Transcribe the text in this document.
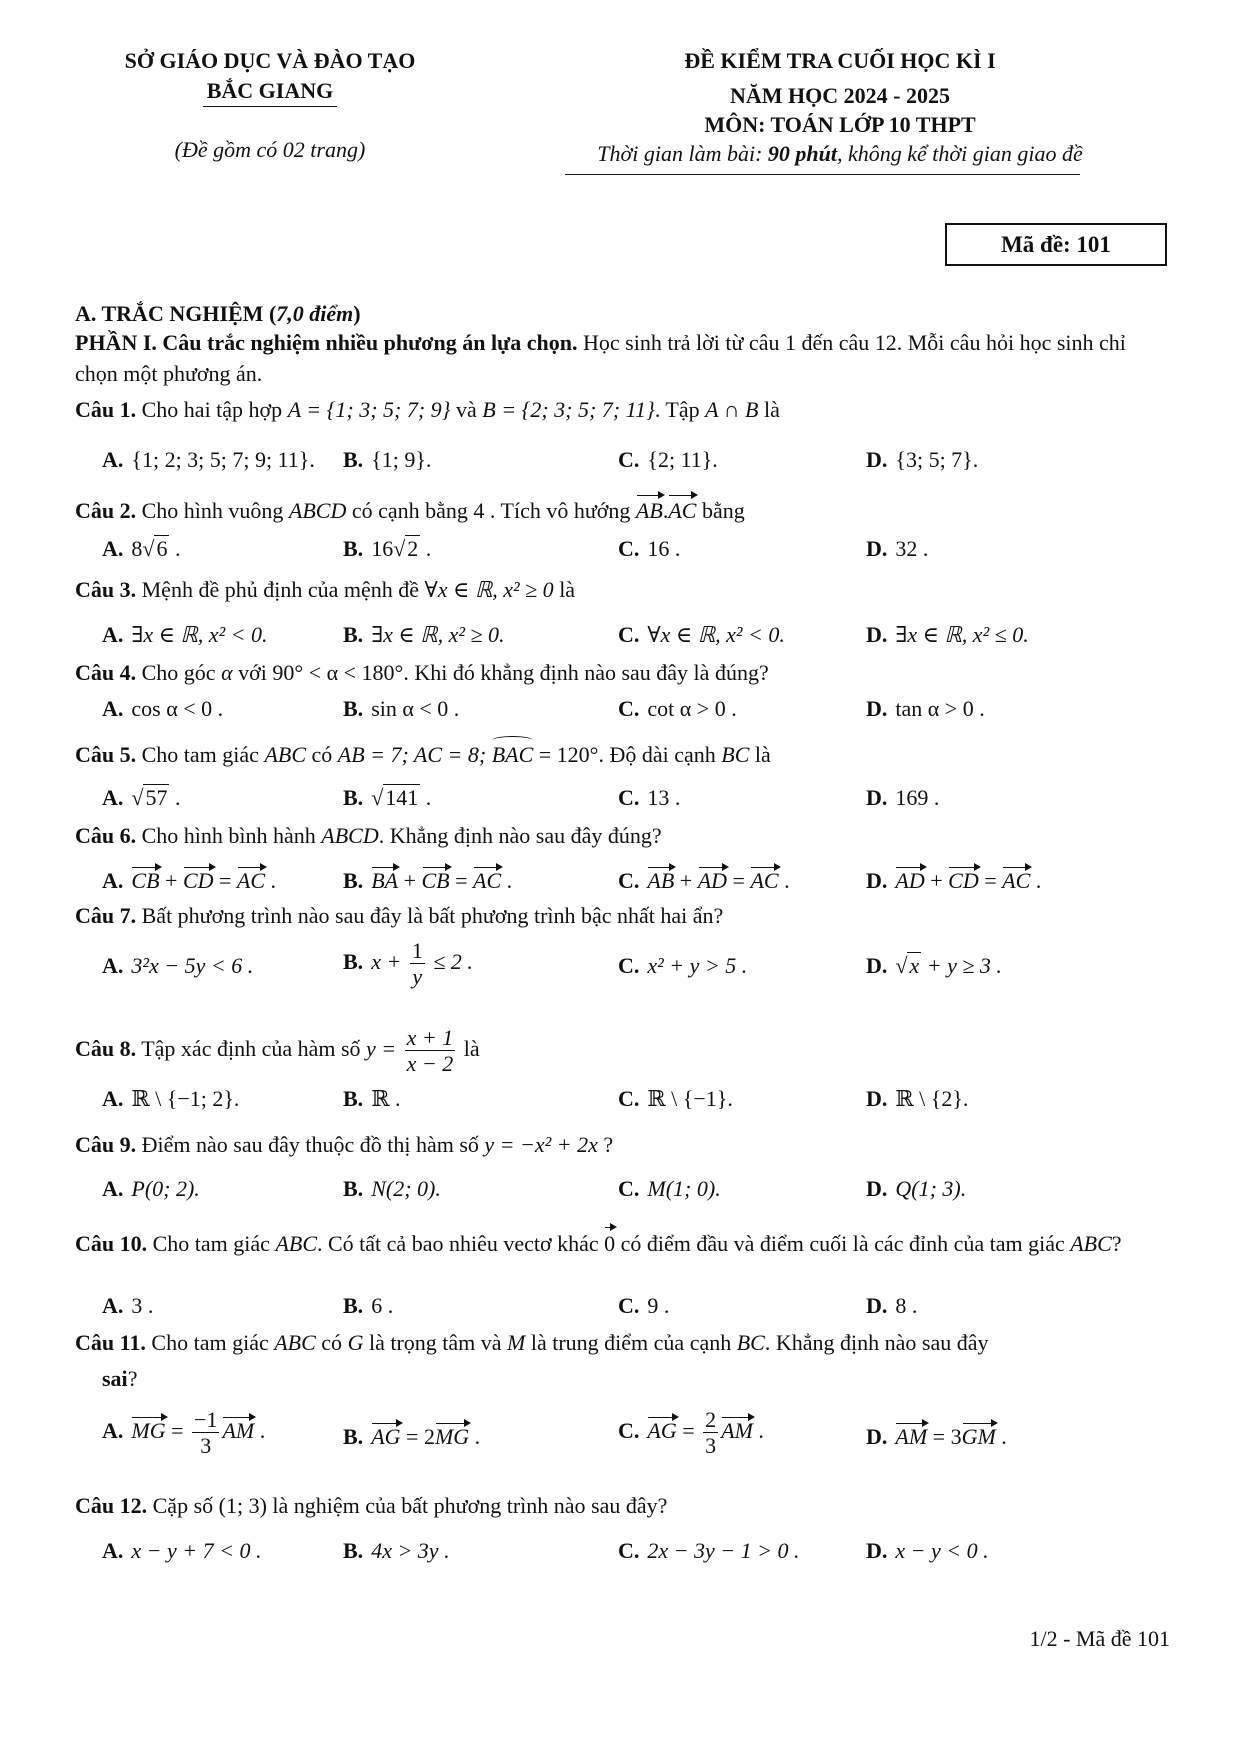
SỞ GIÁO DỤC VÀ ĐÀO TẠO
BẮC GIANG
(Đề gồm có 02 trang)
ĐỀ KIỂM TRA CUỐI HỌC KÌ I
NĂM HỌC 2024 - 2025
MÔN: TOÁN LỚP 10 THPT
Thời gian làm bài: 90 phút, không kể thời gian giao đề
Mã đề: 101
A. TRẮC NGHIỆM (7,0 điểm)
PHẦN I. Câu trắc nghiệm nhiều phương án lựa chọn. Học sinh trả lời từ câu 1 đến câu 12. Mỗi câu hỏi học sinh chỉ chọn một phương án.
Câu 1. Cho hai tập hợp A = {1; 3; 5; 7; 9} và B = {2; 3; 5; 7; 11}. Tập A ∩ B là
A. {1; 2; 3; 5; 7; 9; 11}. B. {1; 9}.	C. {2; 11}.	D. {3; 5; 7}.
Câu 2. Cho hình vuông ABCD có cạnh bằng 4 . Tích vô hướng AB.AC bằng
A. 8√6 .	B. 16√2 .	C. 16 .	D. 32 .
Câu 3. Mệnh đề phủ định của mệnh đề ∀x ∈ ℝ, x² ≥ 0 là
A. ∃x ∈ ℝ, x² < 0.	B. ∃x ∈ ℝ, x² ≥ 0.	C. ∀x ∈ ℝ, x² < 0.	D. ∃x ∈ ℝ, x² ≤ 0.
Câu 4. Cho góc α với 90° < α < 180°. Khi đó khẳng định nào sau đây là đúng?
A. cos α < 0 .	B. sin α < 0 .	C. cot α > 0 .	D. tan α > 0 .
Câu 5. Cho tam giác ABC có AB = 7; AC = 8; BAC = 120°. Độ dài cạnh BC là
A. √57 .	B. √141 .	C. 13 .	D. 169 .
Câu 6. Cho hình bình hành ABCD. Khẳng định nào sau đây đúng?
A. CB + CD = AC .	B. BA + CB = AC .	C. AB + AD = AC .	D. AD + CD = AC .
Câu 7. Bất phương trình nào sau đây là bất phương trình bậc nhất hai ẩn?
A. 3²x − 5y < 6 .	B. $x + \frac{1}{y} \le 2$ .	C. x² + y > 5 .	D. √x + y ≥ 3 .
Câu 8. Tập xác định của hàm số $y = \frac{x + 1}{x - 2}$ là
A. ℝ \ {−1; 2}.	B. ℝ .	C. ℝ \ {−1}.	D. ℝ \ {2}.
Câu 9. Điểm nào sau đây thuộc đồ thị hàm số y = −x² + 2x ?
A. P(0; 2).	B. N(2; 0).	C. M(1; 0).	D. Q(1; 3).
Câu 10. Cho tam giác ABC. Có tất cả bao nhiêu vectơ khác 0 có điểm đầu và điểm cuối là các đỉnh của tam giác ABC?
A. 3 .	B. 6 .	C. 9 .	D. 8 .
Câu 11. Cho tam giác ABC có G là trọng tâm và M là trung điểm của cạnh BC. Khẳng định nào sau đây
sai?
A. MG = $\frac{-1}{3}$ AM .	B. AG = 2MG .	C. AG = $\frac{2}{3}$ AM .	D. AM = 3GM .
Câu 12. Cặp số (1; 3) là nghiệm của bất phương trình nào sau đây?
A. x − y + 7 < 0 .	B. 4x > 3y .	C. 2x − 3y − 1 > 0 .	D. x − y < 0 .
1/2 - Mã đề 101
